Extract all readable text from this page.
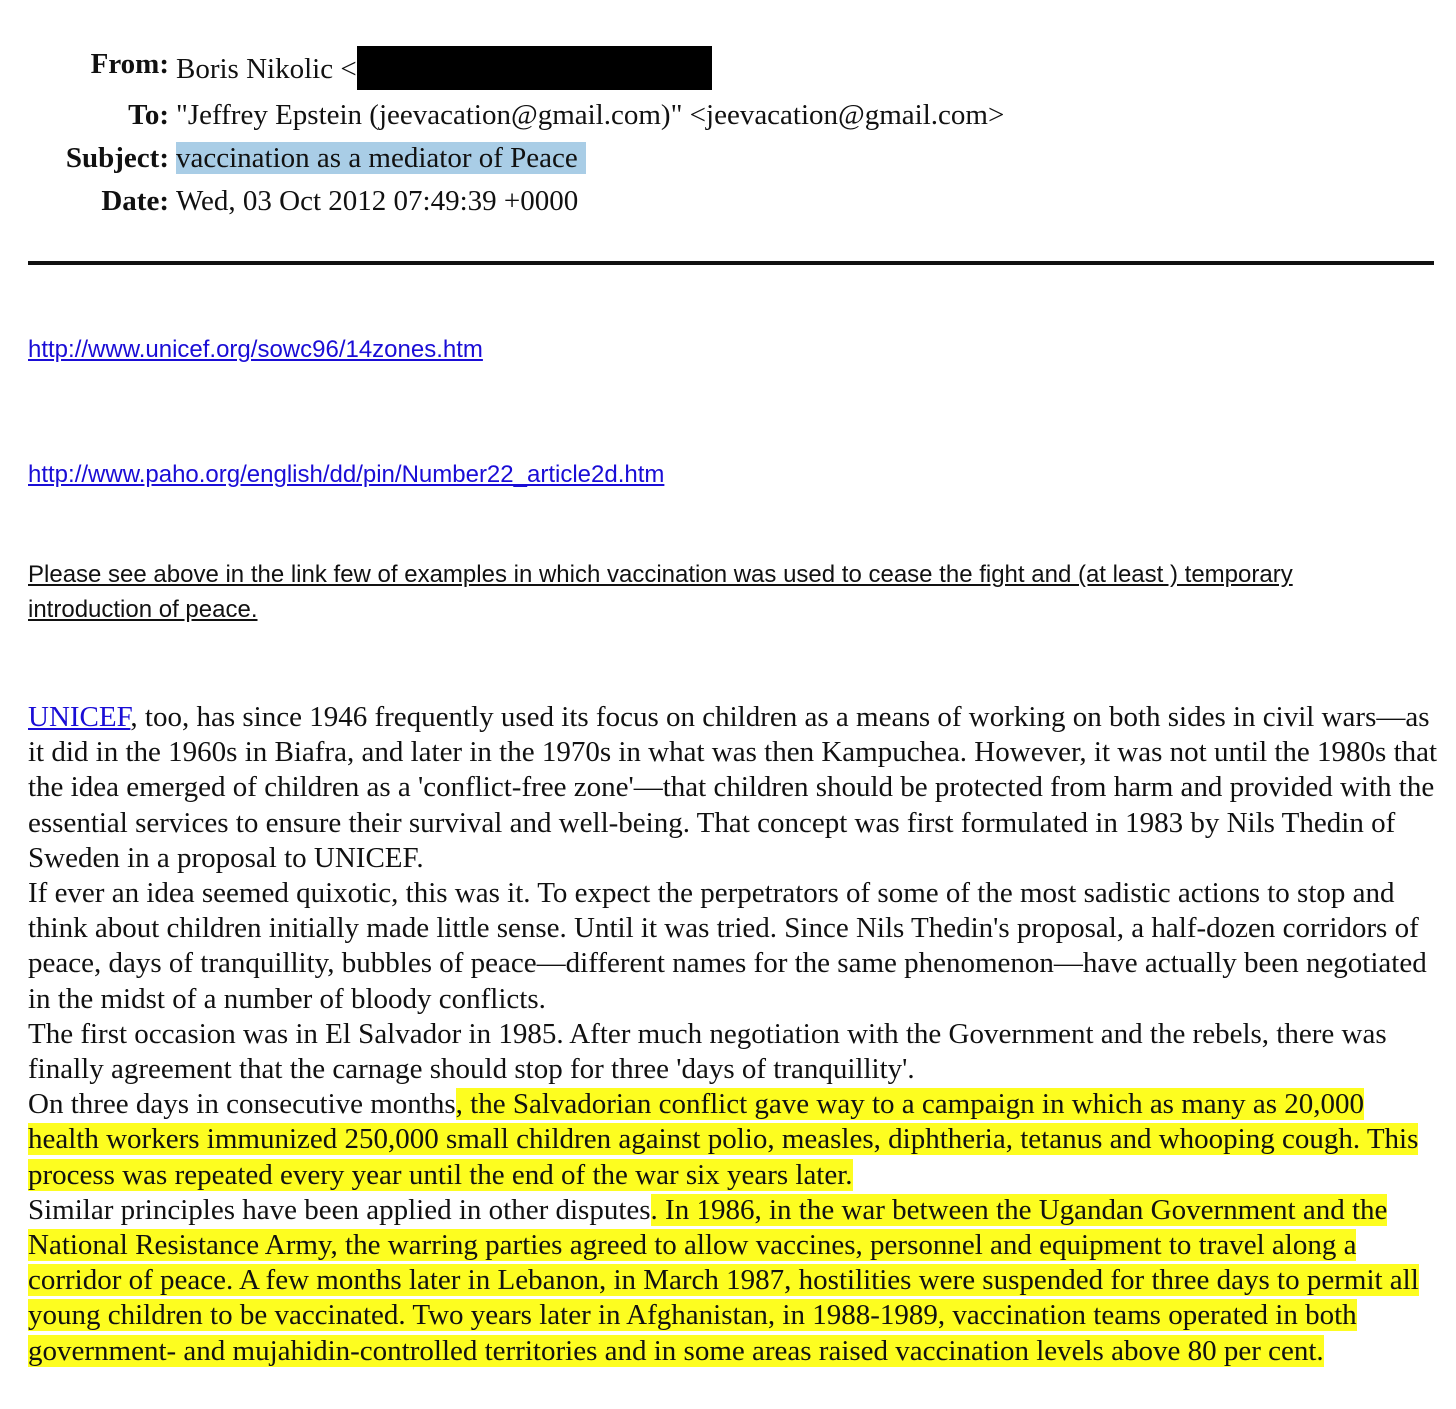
From: Boris Nikolic <
To: "Jeffrey Epstein (jeevacation@gmail.com)" <jeevacation@gmail.com>
Subject: vaccination as a mediator of Peace
Date: Wed, 03 Oct 2012 07:49:39 +0000
http://www.unicef.org/sowc96/14zones.htm
http://www.paho.org/english/dd/pin/Number22_article2d.htm
Please see above in the link few of examples in which vaccination was used to cease the fight and (at least ) temporary introduction of peace.

UNICEF, too, has since 1946 frequently used its focus on children as a means of working on both sides in civil wars—as it did in the 1960s in Biafra, and later in the 1970s in what was then Kampuchea. However, it was not until the 1980s that the idea emerged of children as a 'conflict-free zone'—that children should be protected from harm and provided with the essential services to ensure their survival and well-being. That concept was first formulated in 1983 by Nils Thedin of Sweden in a proposal to UNICEF.

If ever an idea seemed quixotic, this was it. To expect the perpetrators of some of the most sadistic actions to stop and think about children initially made little sense. Until it was tried. Since Nils Thedin's proposal, a half-dozen corridors of peace, days of tranquillity, bubbles of peace—different names for the same phenomenon—have actually been negotiated in the midst of a number of bloody conflicts.

The first occasion was in El Salvador in 1985. After much negotiation with the Government and the rebels, there was finally agreement that the carnage should stop for three 'days of tranquillity'.

On three days in consecutive months, the Salvadorian conflict gave way to a campaign in which as many as 20,000 health workers immunized 250,000 small children against polio, measles, diphtheria, tetanus and whooping cough. This process was repeated every year until the end of the war six years later.

Similar principles have been applied in other disputes. In 1986, in the war between the Ugandan Government and the National Resistance Army, the warring parties agreed to allow vaccines, personnel and equipment to travel along a corridor of peace. A few months later in Lebanon, in March 1987, hostilities were suspended for three days to permit all young children to be vaccinated. Two years later in Afghanistan, in 1988-1989, vaccination teams operated in both government- and mujahidin-controlled territories and in some areas raised vaccination levels above 80 per cent.
